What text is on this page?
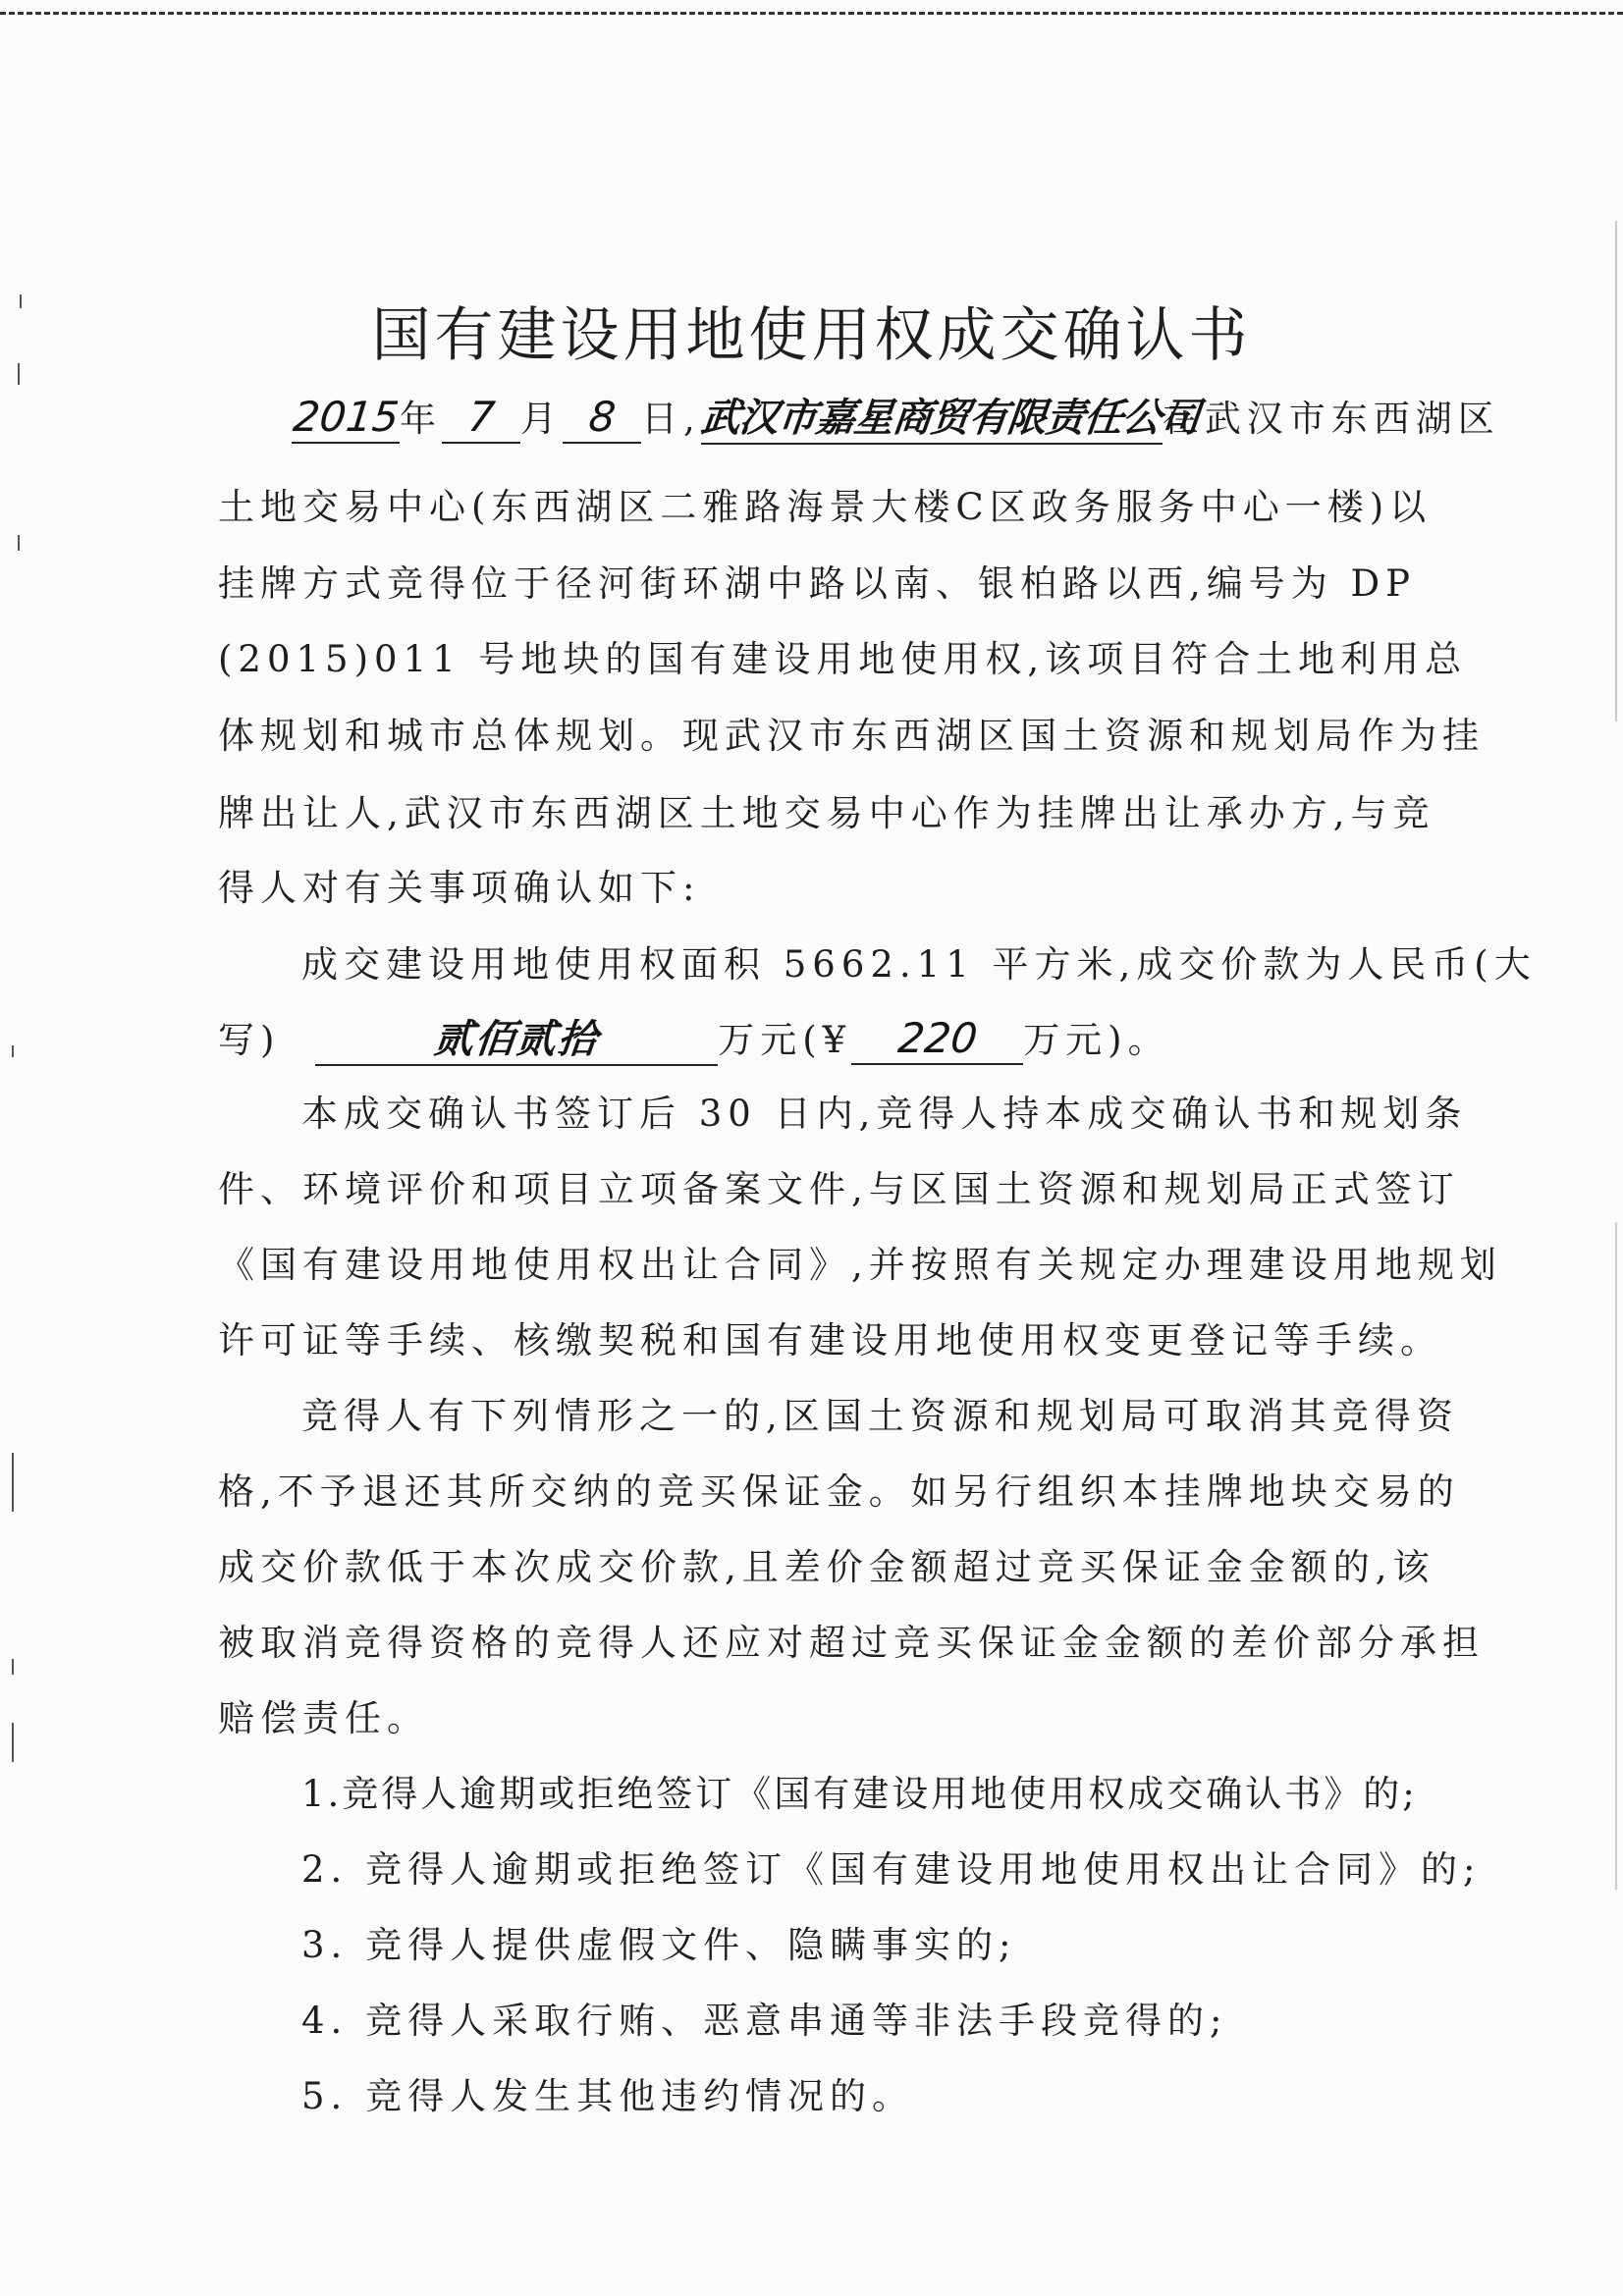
国有建设用地使用权成交确认书
2015年 7 月 8 日,武汉市嘉星商贸有限责任公司在武汉市东西湖区
土地交易中心(东西湖区二雅路海景大楼C区政务服务中心一楼)以
挂牌方式竞得位于径河街环湖中路以南、银柏路以西,编号为 DP
(2015)011 号地块的国有建设用地使用权,该项目符合土地利用总
体规划和城市总体规划。现武汉市东西湖区国土资源和规划局作为挂
牌出让人,武汉市东西湖区土地交易中心作为挂牌出让承办方,与竞
得人对有关事项确认如下:
成交建设用地使用权面积 5662.11 平方米,成交价款为人民币(大
写)	贰佰贰拾	万元(¥ 220 万元)。
本成交确认书签订后 30 日内,竞得人持本成交确认书和规划条
件、环境评价和项目立项备案文件,与区国土资源和规划局正式签订
《国有建设用地使用权出让合同》,并按照有关规定办理建设用地规划
许可证等手续、核缴契税和国有建设用地使用权变更登记等手续。
竞得人有下列情形之一的,区国土资源和规划局可取消其竞得资
格,不予退还其所交纳的竞买保证金。如另行组织本挂牌地块交易的
成交价款低于本次成交价款,且差价金额超过竞买保证金金额的,该
被取消竞得资格的竞得人还应对超过竞买保证金金额的差价部分承担
赔偿责任。
1.竞得人逾期或拒绝签订《国有建设用地使用权成交确认书》的;
2. 竞得人逾期或拒绝签订《国有建设用地使用权出让合同》的;
3. 竞得人提供虚假文件、隐瞒事实的;
4. 竞得人采取行贿、恶意串通等非法手段竞得的;
5. 竞得人发生其他违约情况的。
